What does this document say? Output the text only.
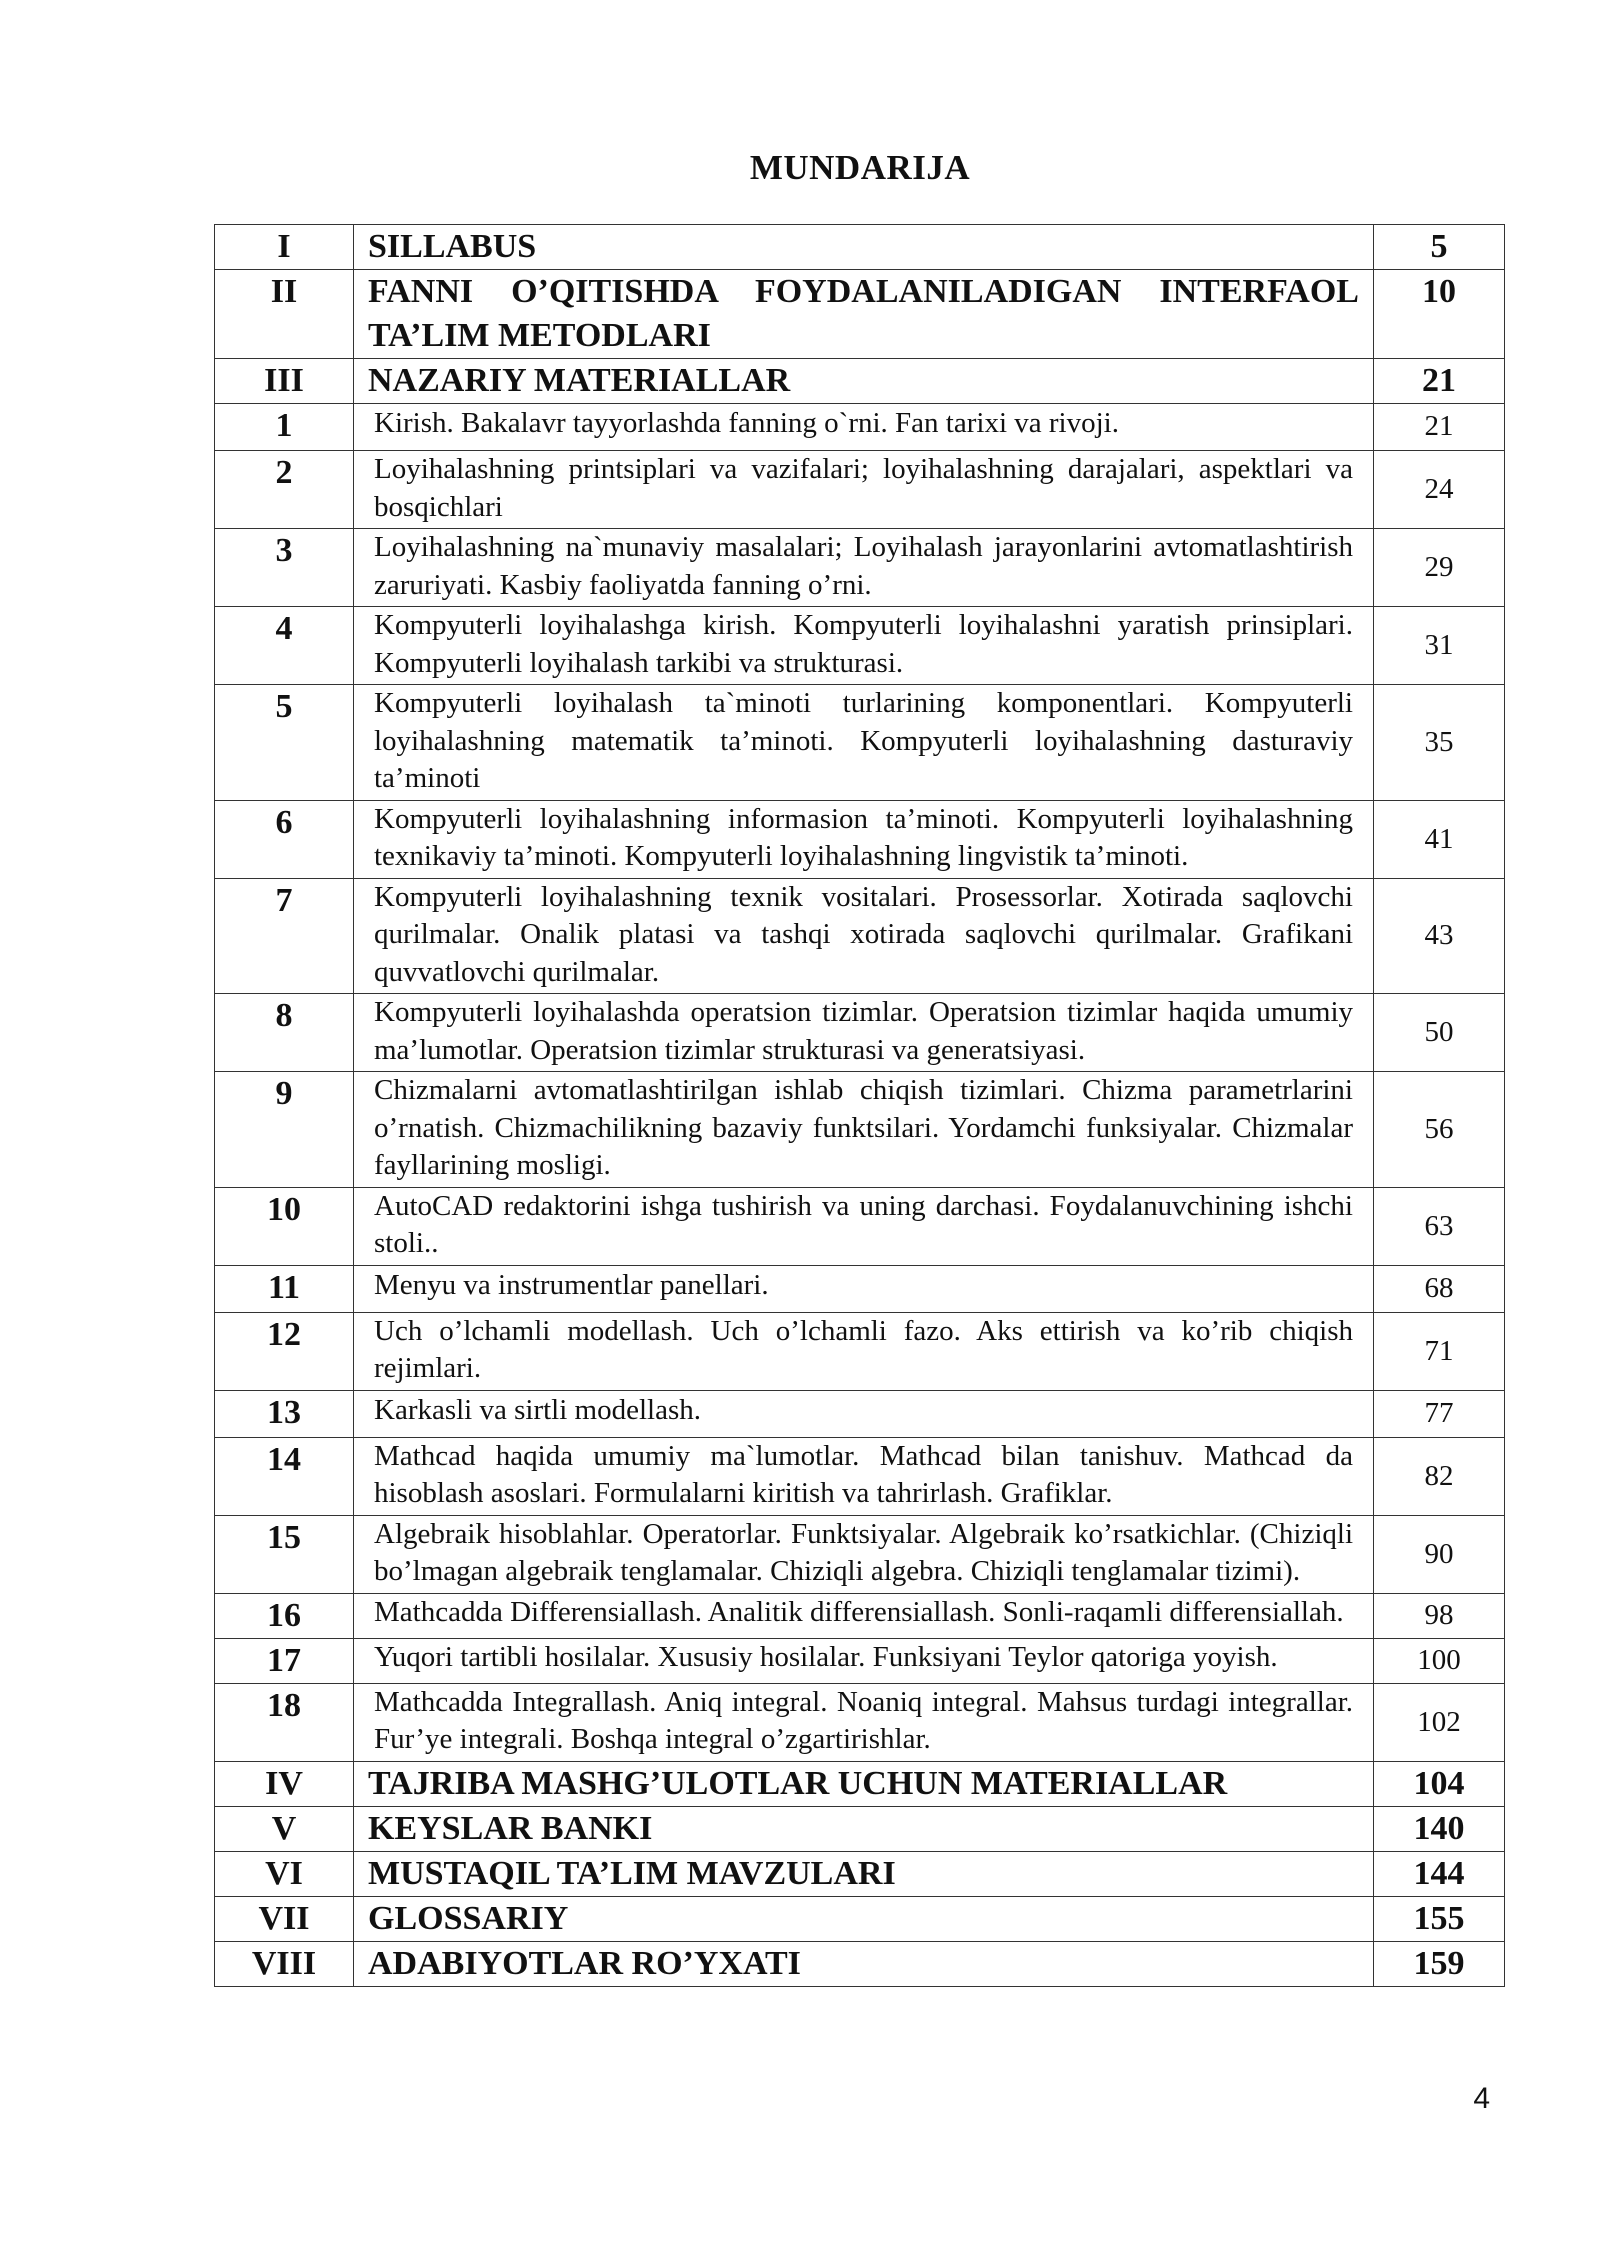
MUNDARIJA
I	SILLABUS	5
II	FANNI O’QITISHDA FOYDALANILADIGAN INTERFAOL TA’LIM METODLARI	10
III	NAZARIY MATERIALLAR	21
1	Kirish. Bakalavr tayyorlashda fanning o`rni. Fan tarixi va rivoji.	21
2	Loyihalashning printsiplari va vazifalari; loyihalashning darajalari, aspektlari va bosqichlari	24
3	Loyihalashning na`munaviy masalalari; Loyihalash jarayonlarini avtomatlashtirish zaruriyati. Kasbiy faoliyatda fanning o’rni.	29
4	Kompyuterli loyihalashga kirish. Kompyuterli loyihalashni yaratish prinsiplari. Kompyuterli loyihalash tarkibi va strukturasi.	31
5	Kompyuterli loyihalash ta`minoti turlarining komponentlari. Kompyuterli loyihalashning matematik ta’minoti. Kompyuterli loyihalashning dasturaviy ta’minoti	35
6	Kompyuterli loyihalashning informasion ta’minoti. Kompyuterli loyihalashning texnikaviy ta’minoti. Kompyuterli loyihalashning lingvistik ta’minoti.	41
7	Kompyuterli loyihalashning texnik vositalari. Prosessorlar. Xotirada saqlovchi qurilmalar. Onalik platasi va tashqi xotirada saqlovchi qurilmalar. Grafikani quvvatlovchi qurilmalar.	43
8	Kompyuterli loyihalashda operatsion tizimlar. Operatsion tizimlar haqida umumiy ma’lumotlar. Operatsion tizimlar strukturasi va generatsiyasi.	50
9	Chizmalarni avtomatlashtirilgan ishlab chiqish tizimlari. Chizma parametrlarini o’rnatish. Chizmachilikning bazaviy funktsilari. Yordamchi funksiyalar. Chizmalar fayllarining mosligi.	56
10	AutoCAD redaktorini ishga tushirish va uning darchasi. Foydalanuvchining ishchi stoli..	63
11	Menyu va instrumentlar panellari.	68
12	Uch o’lchamli modellash. Uch o’lchamli fazo. Aks ettirish va ko’rib chiqish rejimlari.	71
13	Karkasli va sirtli modellash.	77
14	Mathcad haqida umumiy ma`lumotlar. Mathcad bilan tanishuv. Mathcad da hisoblash asoslari. Formulalarni kiritish va tahrirlash. Grafiklar.	82
15	Algebraik hisoblahlar. Operatorlar. Funktsiyalar. Algebraik ko’rsatkichlar. (Chiziqli bo’lmagan algebraik tenglamalar. Chiziqli algebra. Chiziqli tenglamalar tizimi).	90
16	Mathcadda Differensiallash. Analitik differensiallash. Sonli-raqamli differensiallah.	98
17	Yuqori tartibli hosilalar. Xususiy hosilalar. Funksiyani Teylor qatoriga yoyish.	100
18	Mathcadda Integrallash. Aniq integral. Noaniq integral. Mahsus turdagi integrallar. Fur’ye integrali. Boshqa integral o’zgartirishlar.	102
IV	TAJRIBA MASHG’ULOTLAR UCHUN MATERIALLAR	104
V	KEYSLAR BANKI	140
VI	MUSTAQIL TA’LIM MAVZULARI	144
VII	GLOSSARIY	155
VIII	ADABIYOTLAR RO’YXATI	159
4
